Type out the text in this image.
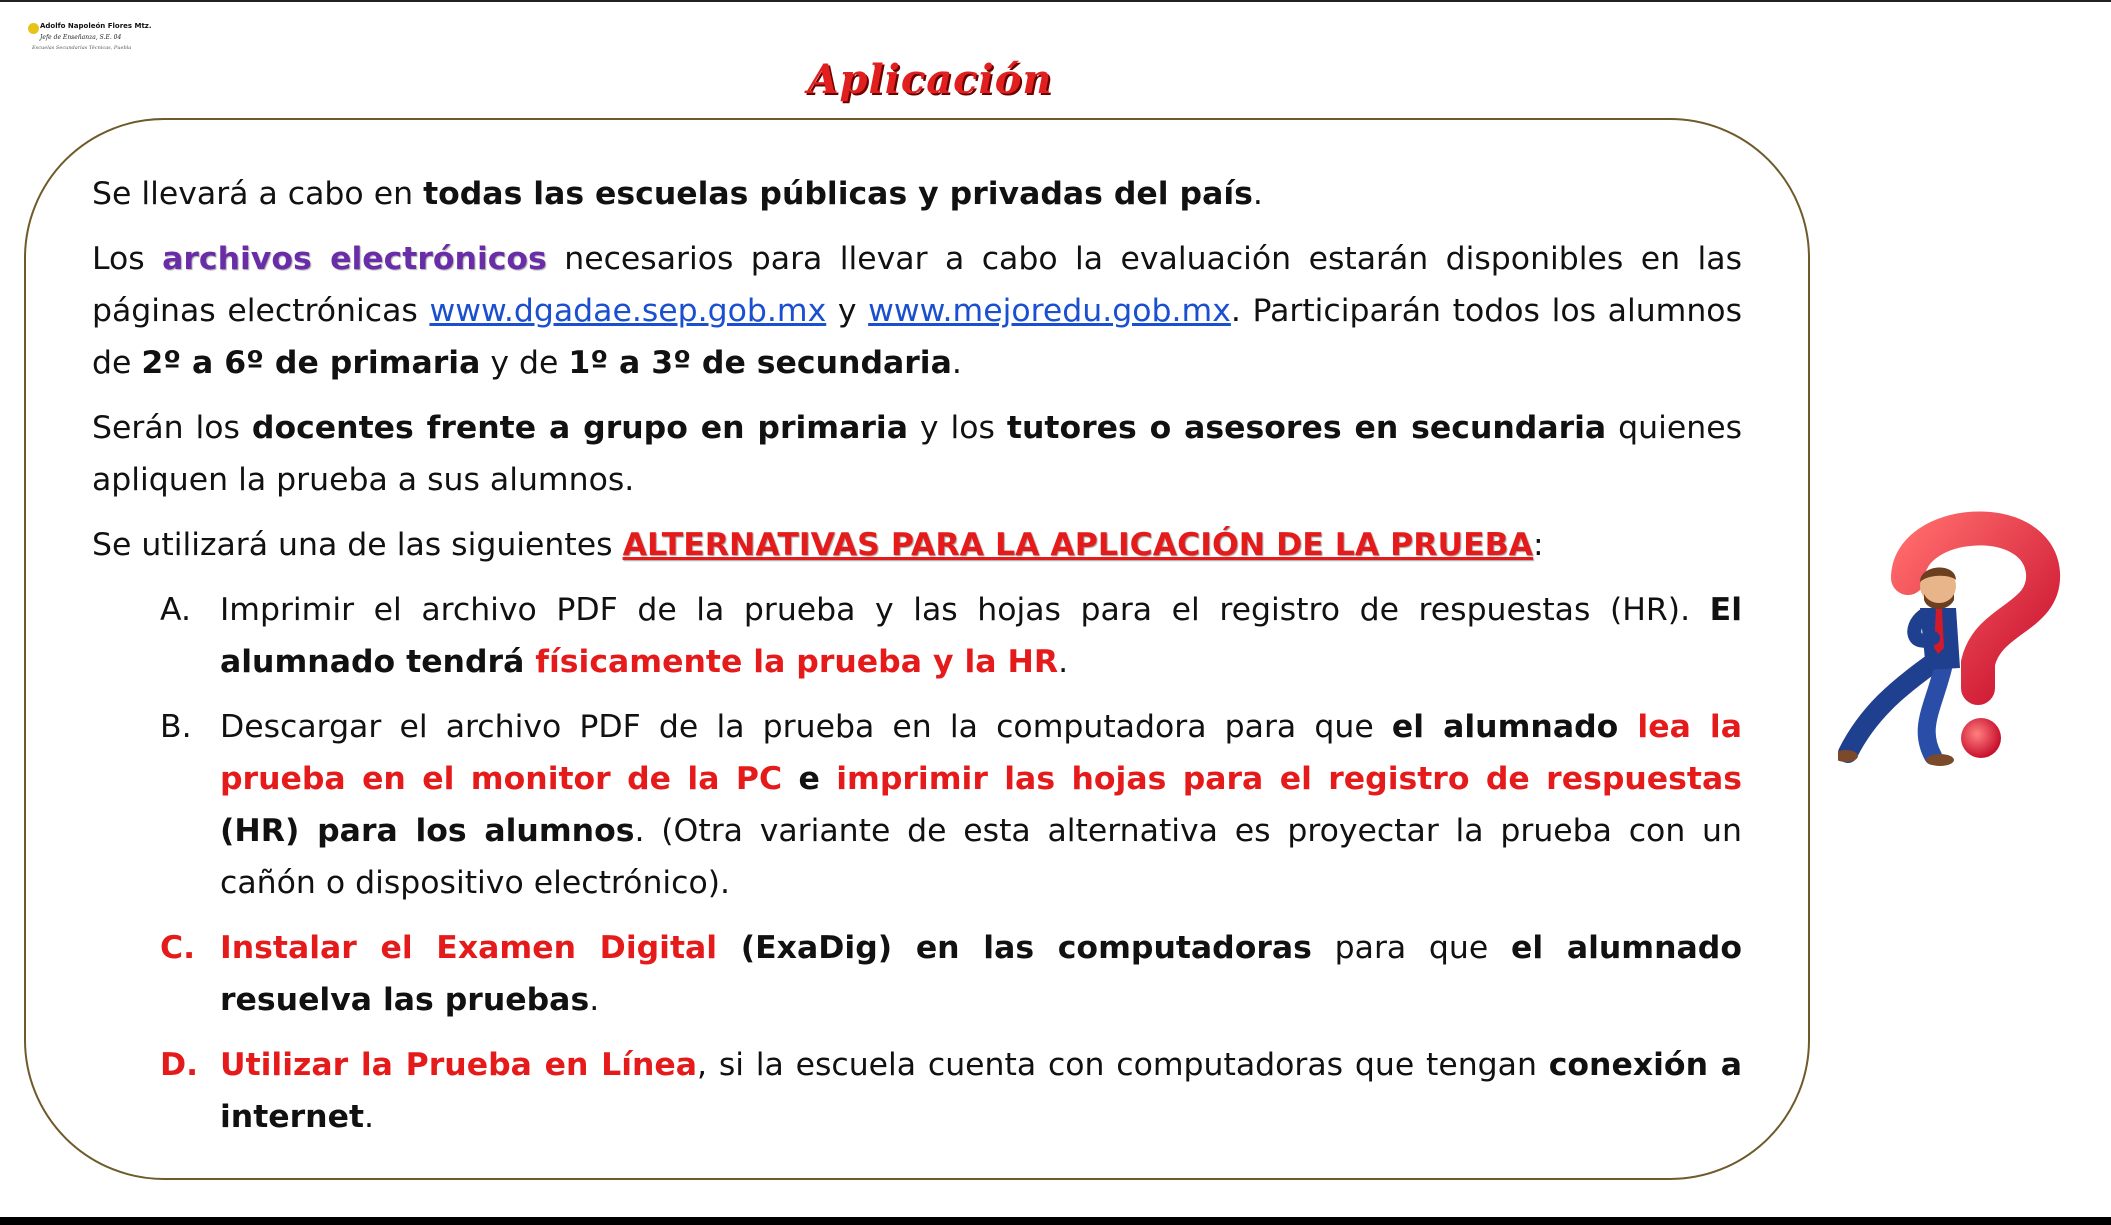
Adolfo Napoleón Flores Mtz.
Jefe de Enseñanza, S.E. 04
Escuelas Secundarias Técnicas, Puebla
Aplicación

Se llevará a cabo en todas las escuelas públicas y privadas del país.

Los archivos electrónicos necesarios para llevar a cabo la evaluación estarán disponibles en las páginas electrónicas www.dgadae.sep.gob.mx y www.mejoredu.gob.mx. Participarán todos los alumnos de 2º a 6º de primaria y de 1º a 3º de secundaria.

Serán los docentes frente a grupo en primaria y los tutores o asesores en secundaria quienes apliquen la prueba a sus alumnos.

Se utilizará una de las siguientes ALTERNATIVAS PARA LA APLICACIÓN DE LA PRUEBA:

A. Imprimir el archivo PDF de la prueba y las hojas para el registro de respuestas (HR). El alumnado tendrá físicamente la prueba y la HR.
B. Descargar el archivo PDF de la prueba en la computadora para que el alumnado lea la prueba en el monitor de la PC e imprimir las hojas para el registro de respuestas (HR) para los alumnos. (Otra variante de esta alternativa es proyectar la prueba con un cañón o dispositivo electrónico).
C. Instalar el Examen Digital (ExaDig) en las computadoras para que el alumnado resuelva las pruebas.
D. Utilizar la Prueba en Línea, si la escuela cuenta con computadoras que tengan conexión a internet.
